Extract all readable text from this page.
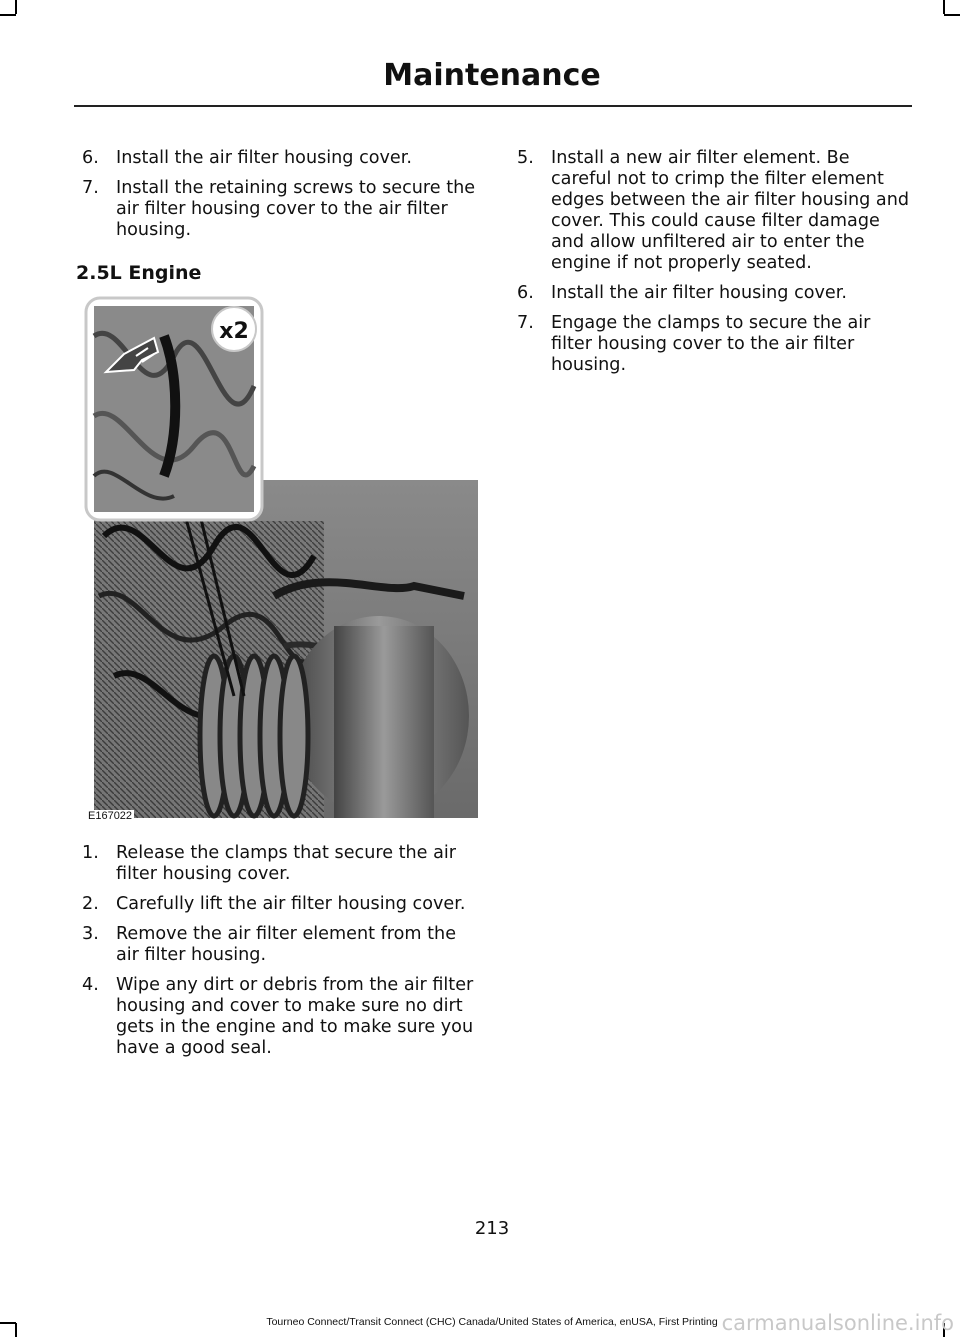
Maintenance
6. Install the air filter housing cover.
7. Install the retaining screws to secure the air filter housing cover to the air filter housing.
2.5L Engine
x2
E167022
1. Release the clamps that secure the air filter housing cover.
2. Carefully lift the air filter housing cover.
3. Remove the air filter element from the air filter housing.
4. Wipe any dirt or debris from the air filter housing and cover to make sure no dirt gets in the engine and to make sure you have a good seal.
5. Install a new air filter element. Be careful not to crimp the filter element edges between the air filter housing and cover. This could cause filter damage and allow unfiltered air to enter the engine if not properly seated.
6. Install the air filter housing cover.
7. Engage the clamps to secure the air filter housing cover to the air filter housing.
213
Tourneo Connect/Transit Connect (CHC) Canada/United States of America, enUSA, First Printing carmanualsonline.info
